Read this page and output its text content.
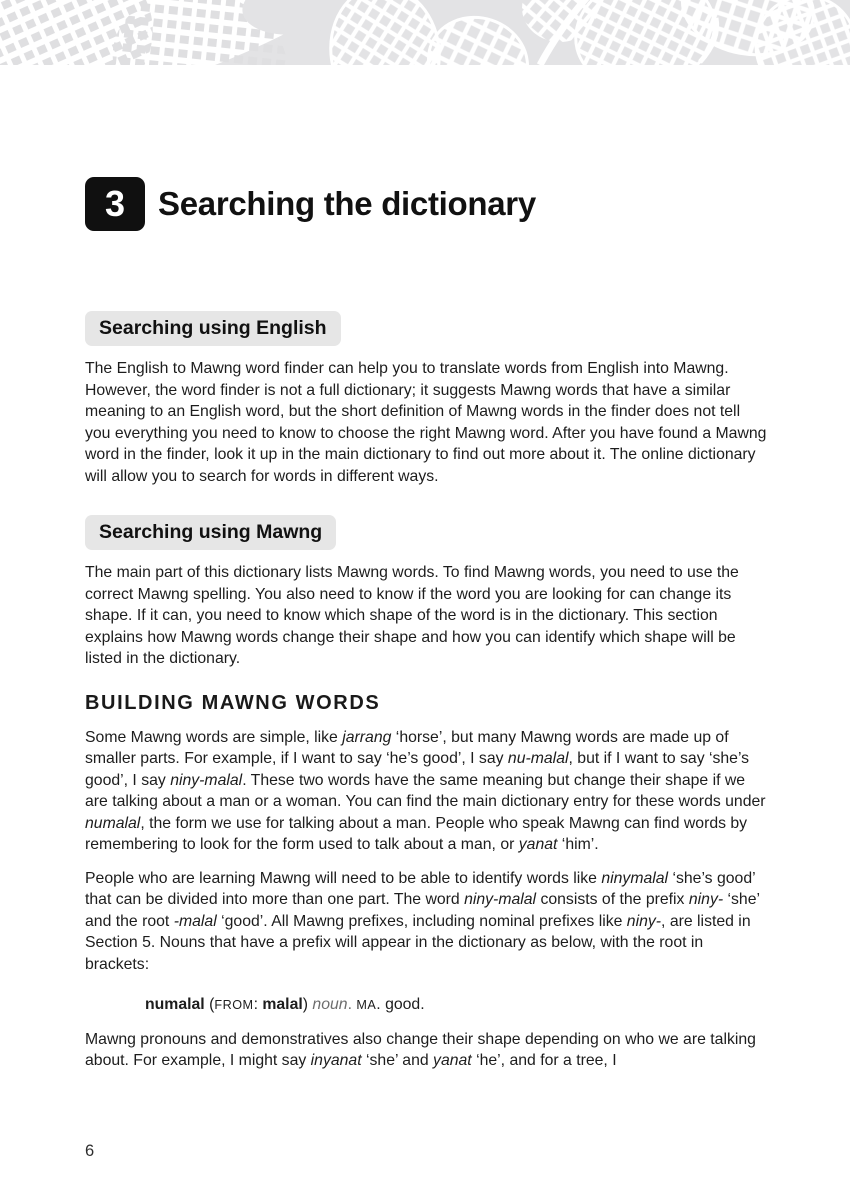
3 Searching the dictionary
Searching using English

The English to Mawng word finder can help you to translate words from English into Mawng. However, the word finder is not a full dictionary; it suggests Mawng words that have a similar meaning to an English word, but the short definition of Mawng words in the finder does not tell you everything you need to know to choose the right Mawng word. After you have found a Mawng word in the finder, look it up in the main dictionary to find out more about it. The online dictionary will allow you to search for words in different ways.

Searching using Mawng

The main part of this dictionary lists Mawng words. To find Mawng words, you need to use the correct Mawng spelling. You also need to know if the word you are looking for can change its shape. If it can, you need to know which shape of the word is in the dictionary. This section explains how Mawng words change their shape and how you can identify which shape will be listed in the dictionary.

BUILDING MAWNG WORDS

Some Mawng words are simple, like jarrang ‘horse’, but many Mawng words are made up of smaller parts. For example, if I want to say ‘he’s good’, I say nu-malal, but if I want to say ‘she’s good’, I say niny-malal. These two words have the same meaning but change their shape if we are talking about a man or a woman. You can find the main dictionary entry for these words under numalal, the form we use for talking about a man. People who speak Mawng can find words by remembering to look for the form used to talk about a man, or yanat ‘him’.

People who are learning Mawng will need to be able to identify words like ninymalal ‘she’s good’ that can be divided into more than one part. The word niny-malal consists of the prefix niny- ‘she’ and the root -malal ‘good’. All Mawng prefixes, including nominal prefixes like niny-, are listed in Section 5. Nouns that have a prefix will appear in the dictionary as below, with the root in brackets:

numalal (FROM: malal) noun. MA. good.

Mawng pronouns and demonstratives also change their shape depending on who we are talking about. For example, I might say inyanat ‘she’ and yanat ‘he’, and for a tree, I

6
